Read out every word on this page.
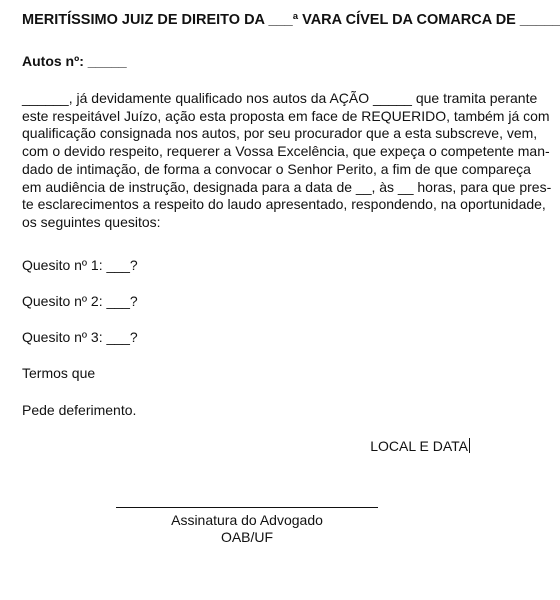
MERITÍSSIMO JUIZ DE DIREITO DA ___ª VARA CÍVEL DA COMARCA DE _____
Autos nº: _____
______, já devidamente qualificado nos autos da AÇÃO _____ que tramita perante
este respeitável Juízo, ação esta proposta em face de REQUERIDO, também já com
qualificação consignada nos autos, por seu procurador que a esta subscreve, vem,
com o devido respeito, requerer a Vossa Excelência, que expeça o competente man-
dado de intimação, de forma a convocar o Senhor Perito, a fim de que compareça
em audiência de instrução, designada para a data de __, às __ horas, para que pres-
te esclarecimentos a respeito do laudo apresentado, respondendo, na oportunidade,
os seguintes quesitos:
Quesito nº 1: ___?
Quesito nº 2: ___?
Quesito nº 3: ___?
Termos que
Pede deferimento.
LOCAL E DATA
Assinatura do Advogado
OAB/UF
